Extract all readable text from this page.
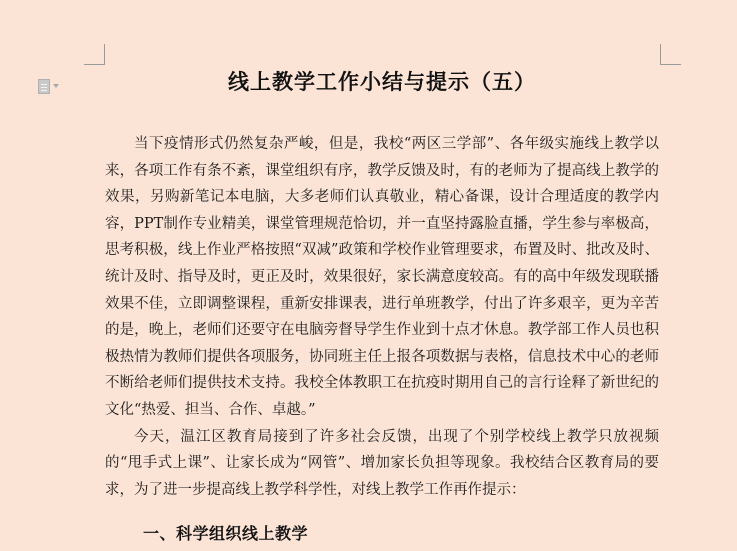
线上教学工作小结与提示（五）

当下疫情形式仍然复杂严峻，但是，我校“两区三学部”、各年级实施线上教学以来，各项工作有条不紊，课堂组织有序，教学反馈及时，有的老师为了提高线上教学的效果，另购新笔记本电脑，大多老师们认真敬业，精心备课，设计合理适度的教学内容，PPT制作专业精美，课堂管理规范恰切，并一直坚持露脸直播，学生参与率极高，思考积极，线上作业严格按照“双减”政策和学校作业管理要求，布置及时、批改及时、统计及时、指导及时，更正及时，效果很好，家长满意度较高。有的高中年级发现联播效果不佳，立即调整课程，重新安排课表，进行单班教学，付出了许多艰辛，更为辛苦的是，晚上，老师们还要守在电脑旁督导学生作业到十点才休息。教学部工作人员也积极热情为教师们提供各项服务，协同班主任上报各项数据与表格，信息技术中心的老师不断给老师们提供技术支持。我校全体教职工在抗疫时期用自己的言行诠释了新世纪的文化“热爱、担当、合作、卓越。”

今天，温江区教育局接到了许多社会反馈，出现了个别学校线上教学只放视频的“甩手式上课”、让家长成为“网管”、增加家长负担等现象。我校结合区教育局的要求，为了进一步提高线上教学科学性，对线上教学工作再作提示：

一、科学组织线上教学
